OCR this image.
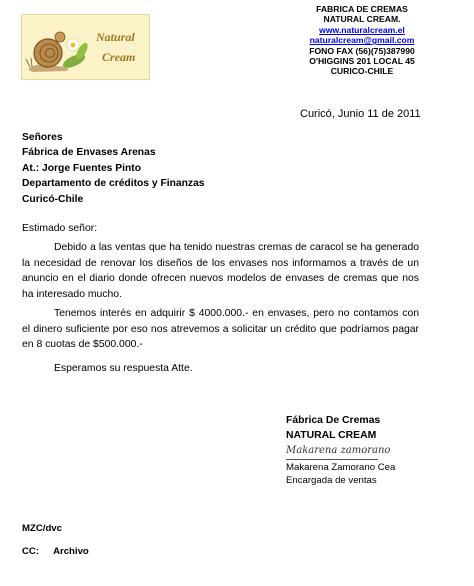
Natural
Cream
FABRICA DE CREMAS
NATURAL CREAM.
www.naturalcream.el
naturalcream@gmail.com
FONO FAX (56)(75)387990
O'HIGGINS 201 LOCAL 45
CURICO-CHILE
Curicó, Junio 11 de 2011
Señores
Fábrica de Envases Arenas
At.: Jorge Fuentes Pinto
Departamento de créditos y Finanzas
Curicó-Chile
Estimado señor:
Debido a las ventas que ha tenido nuestras cremas de caracol se ha generado la necesidad de renovar los diseños de los envases nos informamos a través de un anuncio en el diario donde ofrecen nuevos modelos de envases de cremas que nos ha interesado mucho.
Tenemos interés en adquirir $ 4000.000.- en envases, pero no contamos con el dinero suficiente por eso nos atrevemos a solicitar un crédito que podríamos pagar en 8 cuotas de $500.000.-
Esperamos su respuesta Atte.
Fábrica De Cremas
NATURAL CREAM
Makarena zamorano
Makarena Zamorano Cea
Encargada de ventas
MZC/dvc
CC: Archivo
